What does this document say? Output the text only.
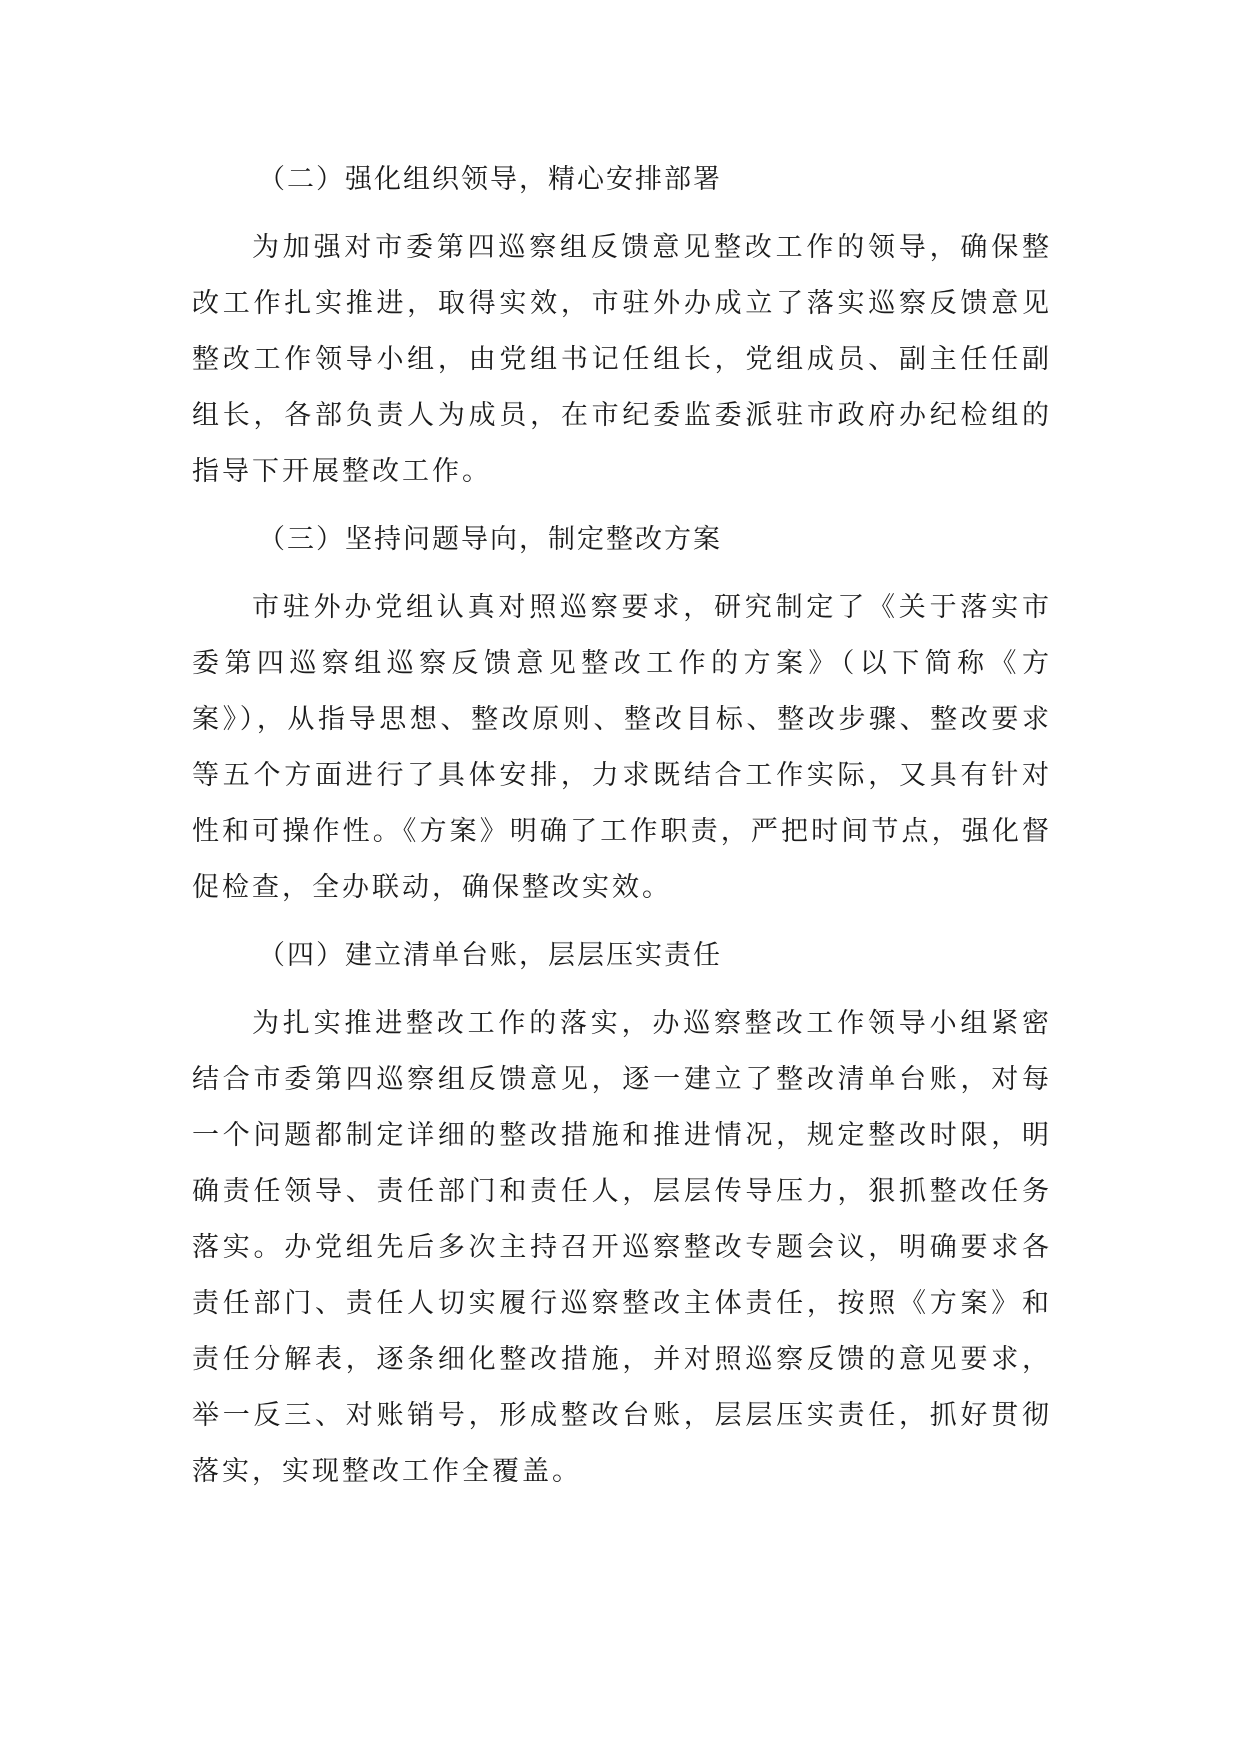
（二）强化组织领导，精心安排部署

为加强对市委第四巡察组反馈意见整改工作的领导，确保整改工作扎实推进，取得实效，市驻外办成立了落实巡察反馈意见整改工作领导小组，由党组书记任组长，党组成员、副主任任副组长，各部负责人为成员，在市纪委监委派驻市政府办纪检组的指导下开展整改工作。

（三）坚持问题导向，制定整改方案

市驻外办党组认真对照巡察要求，研究制定了《关于落实市委第四巡察组巡察反馈意见整改工作的方案》（以下简称《方案》），从指导思想、整改原则、整改目标、整改步骤、整改要求等五个方面进行了具体安排，力求既结合工作实际，又具有针对性和可操作性。《方案》明确了工作职责，严把时间节点，强化督促检查，全办联动，确保整改实效。

（四）建立清单台账，层层压实责任

为扎实推进整改工作的落实，办巡察整改工作领导小组紧密结合市委第四巡察组反馈意见，逐一建立了整改清单台账，对每一个问题都制定详细的整改措施和推进情况，规定整改时限，明确责任领导、责任部门和责任人，层层传导压力，狠抓整改任务落实。办党组先后多次主持召开巡察整改专题会议，明确要求各责任部门、责任人切实履行巡察整改主体责任，按照《方案》和责任分解表，逐条细化整改措施，并对照巡察反馈的意见要求，举一反三、对账销号，形成整改台账，层层压实责任，抓好贯彻落实，实现整改工作全覆盖。
